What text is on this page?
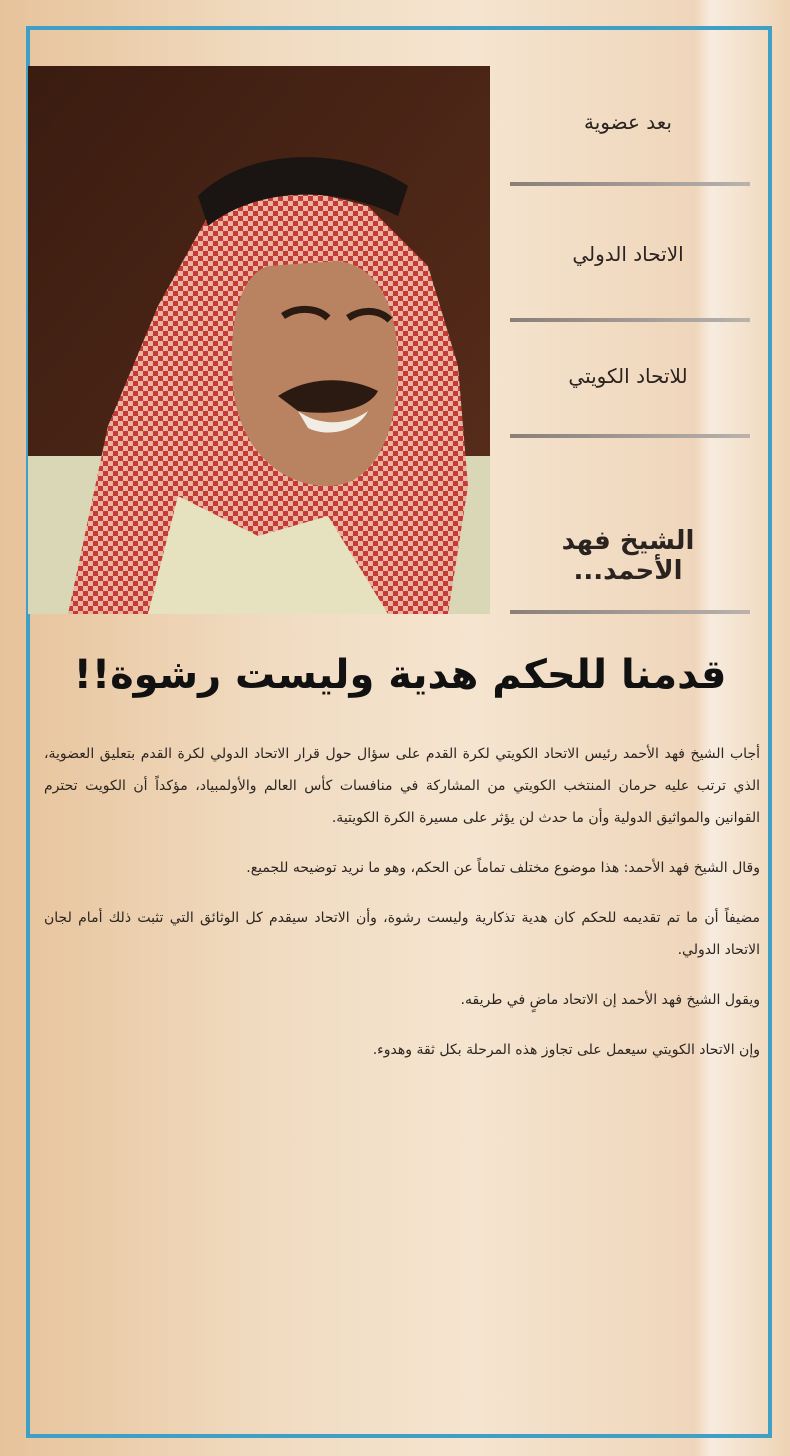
بعد عضوية
الاتحاد الدولي
للاتحاد الكويتي
الشيخ فهد الأحمد...
قدمنا للحكم هدية وليست رشوة!!

أجاب الشيخ فهد الأحمد رئيس الاتحاد الكويتي لكرة القدم على سؤال حول قرار الاتحاد الدولي لكرة القدم بتعليق العضوية، الذي ترتب عليه حرمان المنتخب الكويتي من المشاركة في منافسات كأس العالم والأولمبياد، مؤكداً أن الكويت تحترم القوانين والمواثيق الدولية وأن ما حدث لن يؤثر على مسيرة الكرة الكويتية.

وقال الشيخ فهد الأحمد: هذا موضوع مختلف تماماً عن الحكم، وهو ما نريد توضيحه للجميع.

مضيفاً أن ما تم تقديمه للحكم كان هدية تذكارية وليست رشوة، وأن الاتحاد سيقدم كل الوثائق التي تثبت ذلك أمام لجان الاتحاد الدولي.

ويقول الشيخ فهد الأحمد إن الاتحاد ماضٍ في طريقه.

وإن الاتحاد الكويتي سيعمل على تجاوز هذه المرحلة بكل ثقة وهدوء.
